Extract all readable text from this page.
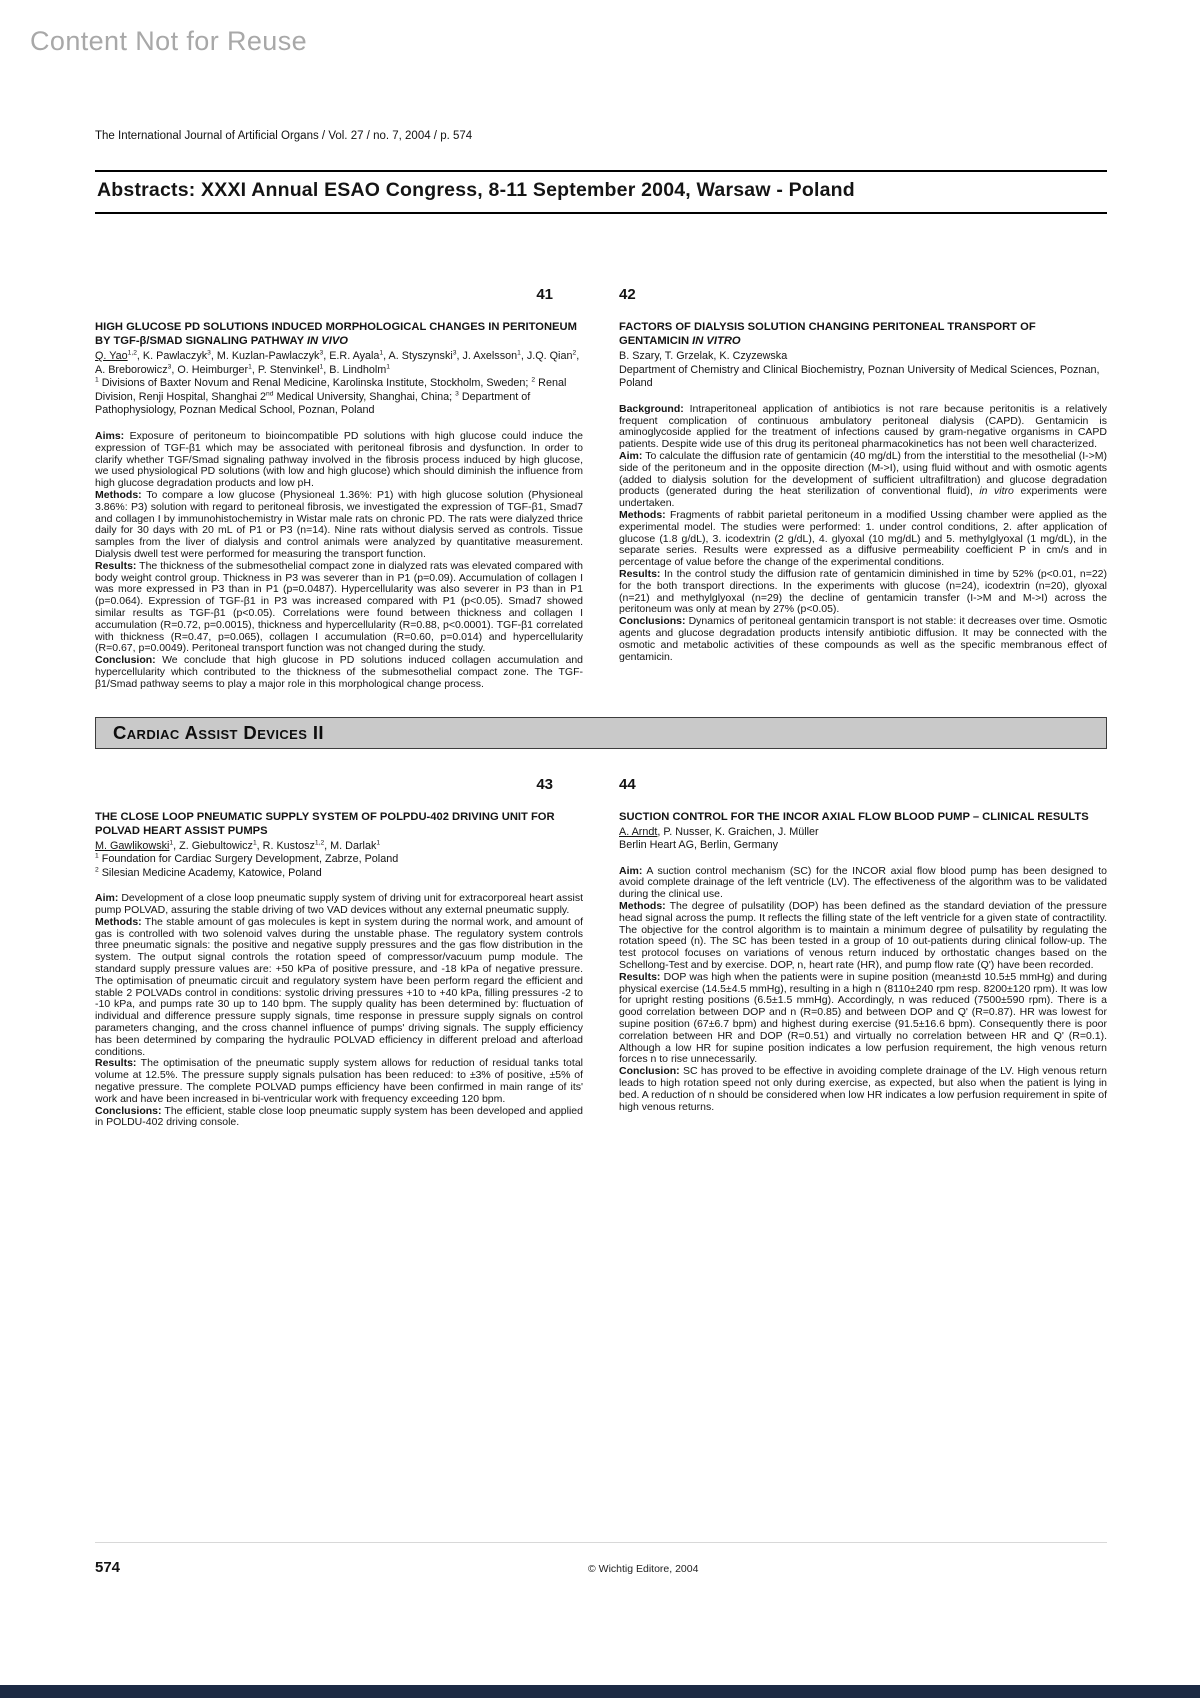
Content Not for Reuse
The International Journal of Artificial Organs / Vol. 27 / no. 7, 2004 / p. 574
Abstracts: XXXI Annual ESAO Congress, 8-11 September 2004, Warsaw - Poland
41
HIGH GLUCOSE PD SOLUTIONS INDUCED MORPHOLOGICAL CHANGES IN PERITONEUM BY TGF-β/SMAD SIGNALING PATHWAY IN VIVO
Q. Yao$^{1,2}$, K. Pawlaczyk$^3$, M. Kuzlan-Pawlaczyk$^3$, E.R. Ayala$^1$, A. Styszynski$^3$, J. Axelsson$^1$, J.Q. Qian$^2$, A. Breborowicz$^3$, O. Heimburger$^1$, P. Stenvinkel$^1$, B. Lindholm$^1$
$^1$ Divisions of Baxter Novum and Renal Medicine, Karolinska Institute, Stockholm, Sweden; $^2$ Renal Division, Renji Hospital, Shanghai 2nd Medical University, Shanghai, China; $^3$ Department of Pathophysiology, Poznan Medical School, Poznan, Poland

Aims: Exposure of peritoneum to bioincompatible PD solutions with high glucose could induce the expression of TGF-β1 which may be associated with peritoneal fibrosis and dysfunction. In order to clarify whether TGF/Smad signaling pathway involved in the fibrosis process induced by high glucose, we used physiological PD solutions (with low and high glucose) which should diminish the influence from high glucose degradation products and low pH.

Methods: To compare a low glucose (Physioneal 1.36%: P1) with high glucose solution (Physioneal 3.86%: P3) solution with regard to peritoneal fibrosis, we investigated the expression of TGF-β1, Smad7 and collagen I by immunohistochemistry in Wistar male rats on chronic PD. The rats were dialyzed thrice daily for 30 days with 20 mL of P1 or P3 (n=14). Nine rats without dialysis served as controls. Tissue samples from the liver of dialysis and control animals were analyzed by quantitative measurement. Dialysis dwell test were performed for measuring the transport function.

Results: The thickness of the submesothelial compact zone in dialyzed rats was elevated compared with body weight control group. Thickness in P3 was severer than in P1 (p=0.09). Accumulation of collagen I was more expressed in P3 than in P1 (p=0.0487). Hypercellularity was also severer in P3 than in P1 (p=0.064). Expression of TGF-β1 in P3 was increased compared with P1 (p<0.05). Smad7 showed similar results as TGF-β1 (p<0.05). Correlations were found between thickness and collagen I accumulation (R=0.72, p=0.0015), thickness and hypercellularity (R=0.88, p<0.0001). TGF-β1 correlated with thickness (R=0.47, p=0.065), collagen I accumulation (R=0.60, p=0.014) and hypercellularity (R=0.67, p=0.0049). Peritoneal transport function was not changed during the study.

Conclusion: We conclude that high glucose in PD solutions induced collagen accumulation and hypercellularity which contributed to the thickness of the submesothelial compact zone. The TGF-β1/Smad pathway seems to play a major role in this morphological change process.

42
FACTORS OF DIALYSIS SOLUTION CHANGING PERITONEAL TRANSPORT OF GENTAMICIN IN VITRO
B. Szary, T. Grzelak, K. Czyzewska
Department of Chemistry and Clinical Biochemistry, Poznan University of Medical Sciences, Poznan, Poland

Background: Intraperitoneal application of antibiotics is not rare because peritonitis is a relatively frequent complication of continuous ambulatory peritoneal dialysis (CAPD). Gentamicin is aminoglycoside applied for the treatment of infections caused by gram-negative organisms in CAPD patients. Despite wide use of this drug its peritoneal pharmacokinetics has not been well characterized.

Aim: To calculate the diffusion rate of gentamicin (40 mg/dL) from the interstitial to the mesothelial (I->M) side of the peritoneum and in the opposite direction (M->I), using fluid without and with osmotic agents (added to dialysis solution for the development of sufficient ultrafiltration) and glucose degradation products (generated during the heat sterilization of conventional fluid), in vitro experiments were undertaken.

Methods: Fragments of rabbit parietal peritoneum in a modified Ussing chamber were applied as the experimental model. The studies were performed: 1. under control conditions, 2. after application of glucose (1.8 g/dL), 3. icodextrin (2 g/dL), 4. glyoxal (10 mg/dL) and 5. methylglyoxal (1 mg/dL), in the separate series. Results were expressed as a diffusive permeability coefficient P in cm/s and in percentage of value before the change of the experimental conditions.

Results: In the control study the diffusion rate of gentamicin diminished in time by 52% (p<0.01, n=22) for the both transport directions. In the experiments with glucose (n=24), icodextrin (n=20), glyoxal (n=21) and methylglyoxal (n=29) the decline of gentamicin transfer (I->M and M->I) across the peritoneum was only at mean by 27% (p<0.05).

Conclusions: Dynamics of peritoneal gentamicin transport is not stable: it decreases over time. Osmotic agents and glucose degradation products intensify antibiotic diffusion. It may be connected with the osmotic and metabolic activities of these compounds as well as the specific membranous effect of gentamicin.

Cardiac Assist Devices II
43
THE CLOSE LOOP PNEUMATIC SUPPLY SYSTEM OF POLPDU-402 DRIVING UNIT FOR POLVAD HEART ASSIST PUMPS
M. Gawlikowski$^1$, Z. Giebultowicz$^1$, R. Kustosz$^{1,2}$, M. Darlak$^1$
$^1$ Foundation for Cardiac Surgery Development, Zabrze, Poland
$^2$ Silesian Medicine Academy, Katowice, Poland

Aim: Development of a close loop pneumatic supply system of driving unit for extracorporeal heart assist pump POLVAD, assuring the stable driving of two VAD devices without any external pneumatic supply.

Methods: The stable amount of gas molecules is kept in system during the normal work, and amount of gas is controlled with two solenoid valves during the unstable phase. The regulatory system controls three pneumatic signals: the positive and negative supply pressures and the gas flow distribution in the system. The output signal controls the rotation speed of compressor/vacuum pump module. The standard supply pressure values are: +50 kPa of positive pressure, and -18 kPa of negative pressure. The optimisation of pneumatic circuit and regulatory system have been perform regard the efficient and stable 2 POLVADs control in conditions: systolic driving pressures +10 to +40 kPa, filling pressures -2 to -10 kPa, and pumps rate 30 up to 140 bpm. The supply quality has been determined by: fluctuation of individual and difference pressure supply signals, time response in pressure supply signals on control parameters changing, and the cross channel influence of pumps' driving signals. The supply efficiency has been determined by comparing the hydraulic POLVAD efficiency in different preload and afterload conditions.

Results: The optimisation of the pneumatic supply system allows for reduction of residual tanks total volume at 12.5%. The pressure supply signals pulsation has been reduced: to ±3% of positive, ±5% of negative pressure. The complete POLVAD pumps efficiency have been confirmed in main range of its' work and have been increased in bi-ventricular work with frequency exceeding 120 bpm.

Conclusions: The efficient, stable close loop pneumatic supply system has been developed and applied in POLDU-402 driving console.

44
SUCTION CONTROL FOR THE INCOR AXIAL FLOW BLOOD PUMP – CLINICAL RESULTS
A. Arndt, P. Nusser, K. Graichen, J. Müller
Berlin Heart AG, Berlin, Germany

Aim: A suction control mechanism (SC) for the INCOR axial flow blood pump has been designed to avoid complete drainage of the left ventricle (LV). The effectiveness of the algorithm was to be validated during the clinical use.

Methods: The degree of pulsatility (DOP) has been defined as the standard deviation of the pressure head signal across the pump. It reflects the filling state of the left ventricle for a given state of contractility. The objective for the control algorithm is to maintain a minimum degree of pulsatility by regulating the rotation speed (n). The SC has been tested in a group of 10 out-patients during clinical follow-up. The test protocol focuses on variations of venous return induced by orthostatic changes based on the Schellong-Test and by exercise. DOP, n, heart rate (HR), and pump flow rate (Q') have been recorded.

Results: DOP was high when the patients were in supine position (mean±std 10.5±5 mmHg) and during physical exercise (14.5±4.5 mmHg), resulting in a high n (8110±240 rpm resp. 8200±120 rpm). It was low for upright resting positions (6.5±1.5 mmHg). Accordingly, n was reduced (7500±590 rpm). There is a good correlation between DOP and n (R=0.85) and between DOP and Q' (R=0.87). HR was lowest for supine position (67±6.7 bpm) and highest during exercise (91.5±16.6 bpm). Consequently there is poor correlation between HR and DOP (R=0.51) and virtually no correlation between HR and Q' (R=0.1). Although a low HR for supine position indicates a low perfusion requirement, the high venous return forces n to rise unnecessarily.

Conclusion: SC has proved to be effective in avoiding complete drainage of the LV. High venous return leads to high rotation speed not only during exercise, as expected, but also when the patient is lying in bed. A reduction of n should be considered when low HR indicates a low perfusion requirement in spite of high venous returns.

574	© Wichtig Editore, 2004
